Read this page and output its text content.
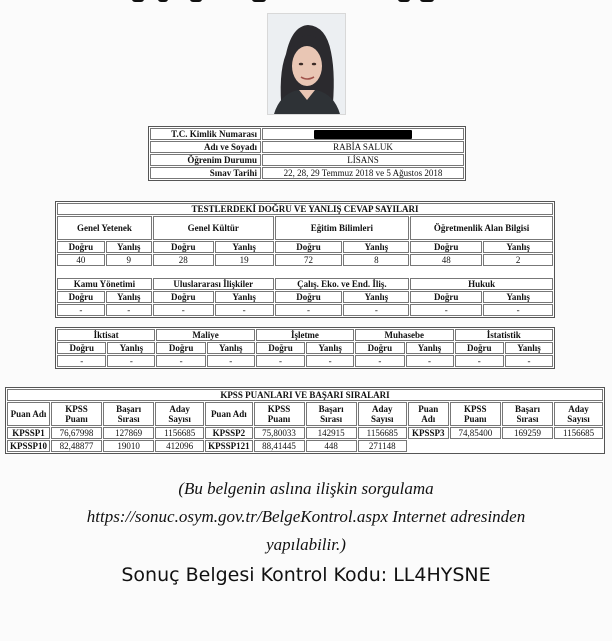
T.C. Kimlik Numarası	
Adı ve Soyadı	RABİA SALUK
Öğrenim Durumu	LİSANS
Sınav Tarihi	22, 28, 29 Temmuz 2018 ve 5 Ağustos 2018
TESTLERDEKİ DOĞRU VE YANLIŞ CEVAP SAYILARI							
Genel Yetenek		Genel Kültür		Eğitim Bilimleri		Öğretmenlik Alan Bilgisi	
Doğru	Yanlış	Doğru	Yanlış	Doğru	Yanlış	Doğru	Yanlış
40	9	28	19	72	8	48	2

Kamu Yönetimi		Uluslararası İlişkiler		Çalış. Eko. ve End. İliş.		Hukuk	
Doğru	Yanlış	Doğru	Yanlış	Doğru	Yanlış	Doğru	Yanlış
-	-	-	-	-	-	-	-
İktisat		Maliye		İşletme		Muhasebe		İstatistik	
Doğru	Yanlış	Doğru	Yanlış	Doğru	Yanlış	Doğru	Yanlış	Doğru	Yanlış
-	-	-	-	-	-	-	-	-	-
KPSS PUANLARI VE BAŞARI SIRALARI											
Puan Adı	KPSS Puanı	Başarı Sırası	Aday Sayısı	Puan Adı	KPSS Puanı	Başarı Sırası	Aday Sayısı	Puan Adı	KPSS Puanı	Başarı Sırası	Aday Sayısı
KPSSP1	76,67998	127869	1156685	KPSSP2	75,80033	142915	1156685	KPSSP3	74,85400	169259	1156685
KPSSP10	82,48877	19010	412096	KPSSP121	88,41445	448	271148				
(Bu belgenin aslına ilişkin sorgulama
https://sonuc.osym.gov.tr/BelgeKontrol.aspx Internet adresinden
yapılabilir.)
Sonuç Belgesi Kontrol Kodu: LL4HYSNE
